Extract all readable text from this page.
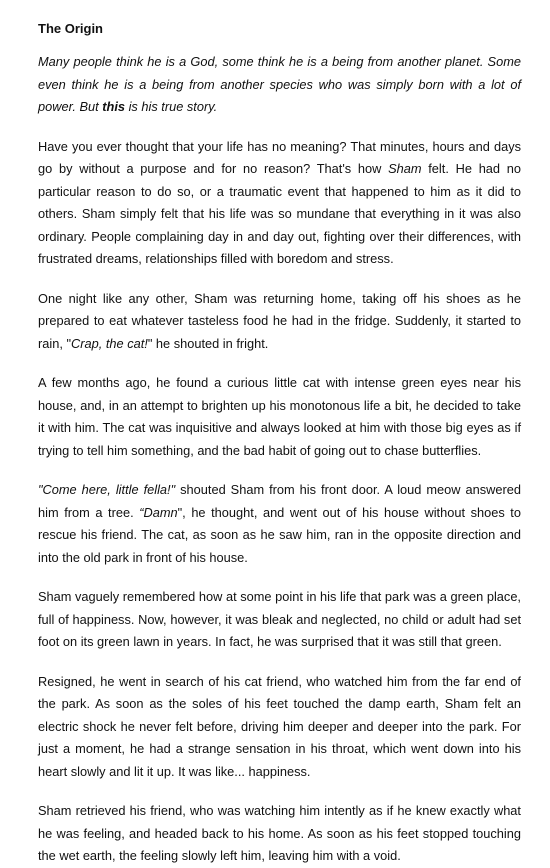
The Origin

Many people think he is a God, some think he is a being from another planet. Some even think he is a being from another species who was simply born with a lot of power. But this is his true story.

Have you ever thought that your life has no meaning? That minutes, hours and days go by without a purpose and for no reason? That's how Sham felt. He had no particular reason to do so, or a traumatic event that happened to him as it did to others. Sham simply felt that his life was so mundane that everything in it was also ordinary. People complaining day in and day out, fighting over their differences, with frustrated dreams, relationships filled with boredom and stress.

One night like any other, Sham was returning home, taking off his shoes as he prepared to eat whatever tasteless food he had in the fridge. Suddenly, it started to rain, "Crap, the cat!" he shouted in fright.

A few months ago, he found a curious little cat with intense green eyes near his house, and, in an attempt to brighten up his monotonous life a bit, he decided to take it with him. The cat was inquisitive and always looked at him with those big eyes as if trying to tell him something, and the bad habit of going out to chase butterflies.

"Come here, little fella!" shouted Sham from his front door. A loud meow answered him from a tree. “Damn", he thought, and went out of his house without shoes to rescue his friend. The cat, as soon as he saw him, ran in the opposite direction and into the old park in front of his house.

Sham vaguely remembered how at some point in his life that park was a green place, full of happiness. Now, however, it was bleak and neglected, no child or adult had set foot on its green lawn in years. In fact, he was surprised that it was still that green.

Resigned, he went in search of his cat friend, who watched him from the far end of the park. As soon as the soles of his feet touched the damp earth, Sham felt an electric shock he never felt before, driving him deeper and deeper into the park. For just a moment, he had a strange sensation in his throat, which went down into his heart slowly and lit it up. It was like... happiness.

Sham retrieved his friend, who was watching him intently as if he knew exactly what he was feeling, and headed back to his home. As soon as his feet stopped touching the wet earth, the feeling slowly left him, leaving him with a void.
